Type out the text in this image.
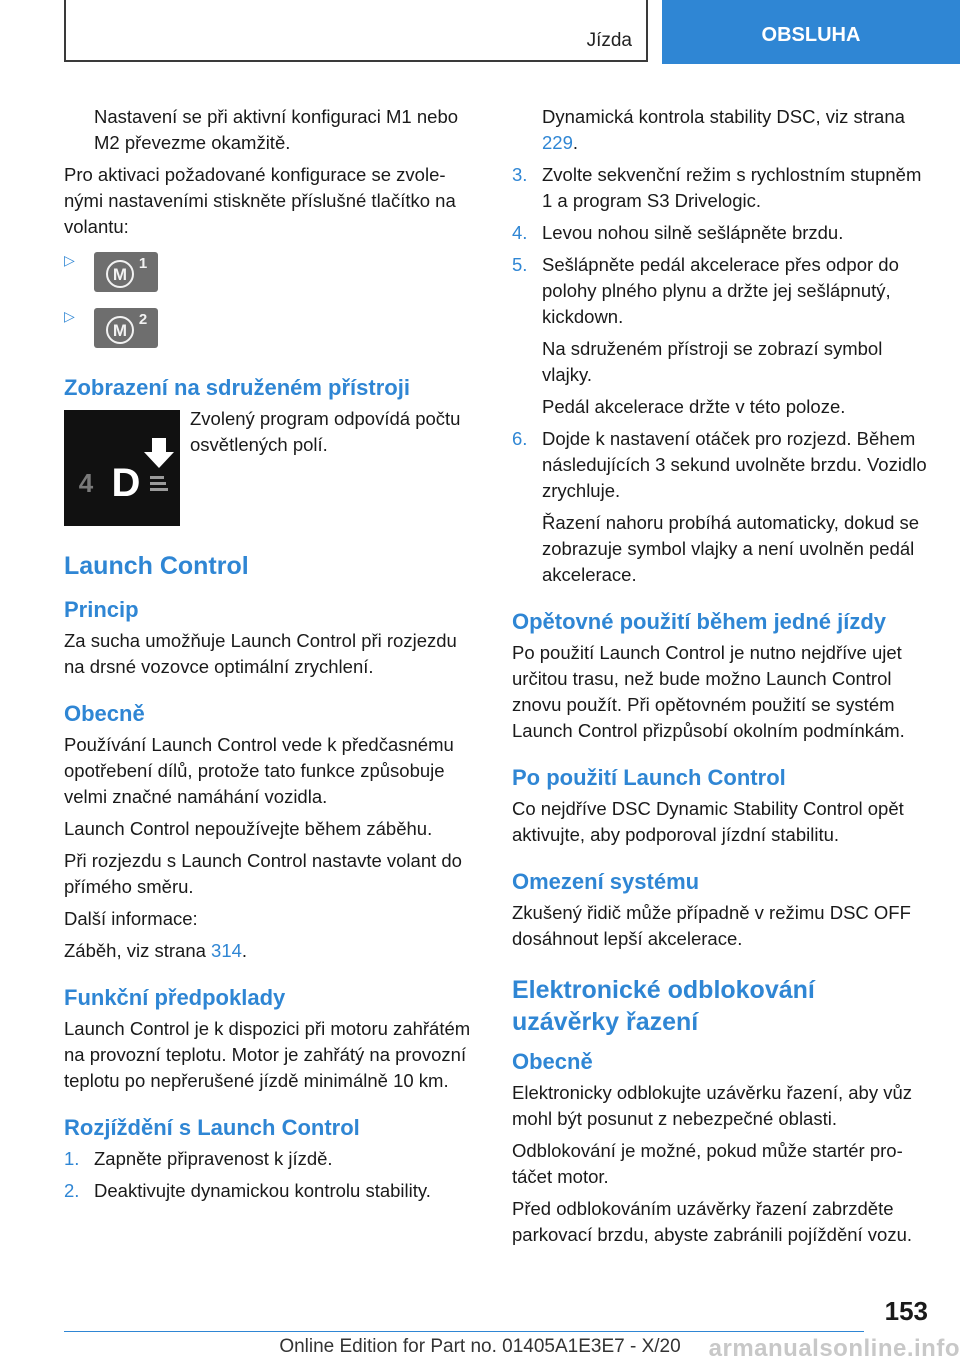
Jízda	OBSLUHA

Nastavení se při aktivní konfiguraci M1 nebo M2 převezme okamžitě.

Pro aktivaci požadované konfigurace se zvolenými nastaveními stiskněte příslušné tlačítko na volantu:

▷
M
1
▷
M
2
Zobrazení na sdruženém přístroji
4 D

Zvolený program odpovídá počtu osvětlených polí.

Launch Control
Princip

Za sucha umožňuje Launch Control při rozjezdu na drsné vozovce optimální zrychlení.

Obecně

Používání Launch Control vede k předčasnému opotřebení dílů, protože tato funkce způsobuje velmi značné namáhání vozidla.

Launch Control nepoužívejte během záběhu.

Při rozjezdu s Launch Control nastavte volant do přímého směru.

Další informace:

Záběh, viz strana 314.

Funkční předpoklady

Launch Control je k dispozici při motoru zahřátém na provozní teplotu. Motor je zahřátý na provozní teplotu po nepřerušené jízdě minimálně 10 km.

Rozjíždění s Launch Control
1. Zapněte připravenost k jízdě.
2. Deaktivujte dynamickou kontrolu stability.

Dynamická kontrola stability DSC, viz strana 229.

3. Zvolte sekvenční režim s rychlostním stupněm 1 a program S3 Drivelogic.
4. Levou nohou silně sešlápněte brzdu.
5. Sešlápněte pedál akcelerace přes odpor do polohy plného plynu a držte jej sešlápnutý, kickdown.

Na sdruženém přístroji se zobrazí symbol vlajky.

Pedál akcelerace držte v této poloze.

6. Dojde k nastavení otáček pro rozjezd. Během následujících 3 sekund uvolněte brzdu. Vozidlo zrychluje.

Řazení nahoru probíhá automaticky, dokud se zobrazuje symbol vlajky a není uvolněn pedál akcelerace.

Opětovné použití během jedné jízdy

Po použití Launch Control je nutno nejdříve ujet určitou trasu, než bude možno Launch Control znovu použít. Při opětovném použití se systém Launch Control přizpůsobí okolním podmínkám.

Po použití Launch Control

Co nejdříve DSC Dynamic Stability Control opět aktivujte, aby podporoval jízdní stabilitu.

Omezení systému

Zkušený řidič může případně v režimu DSC OFF dosáhnout lepší akcelerace.

Elektronické odblokování uzávěrky řazení
Obecně

Elektronicky odblokujte uzávěrku řazení, aby vůz mohl být posunut z nebezpečné oblasti.

Odblokování je možné, pokud může startér protáčet motor.

Před odblokováním uzávěrky řazení zabrzděte parkovací brzdu, abyste zabránili pojíždění vozu.

153
Online Edition for Part no. 01405A1E3E7 - X/20	armanualsonline.info
